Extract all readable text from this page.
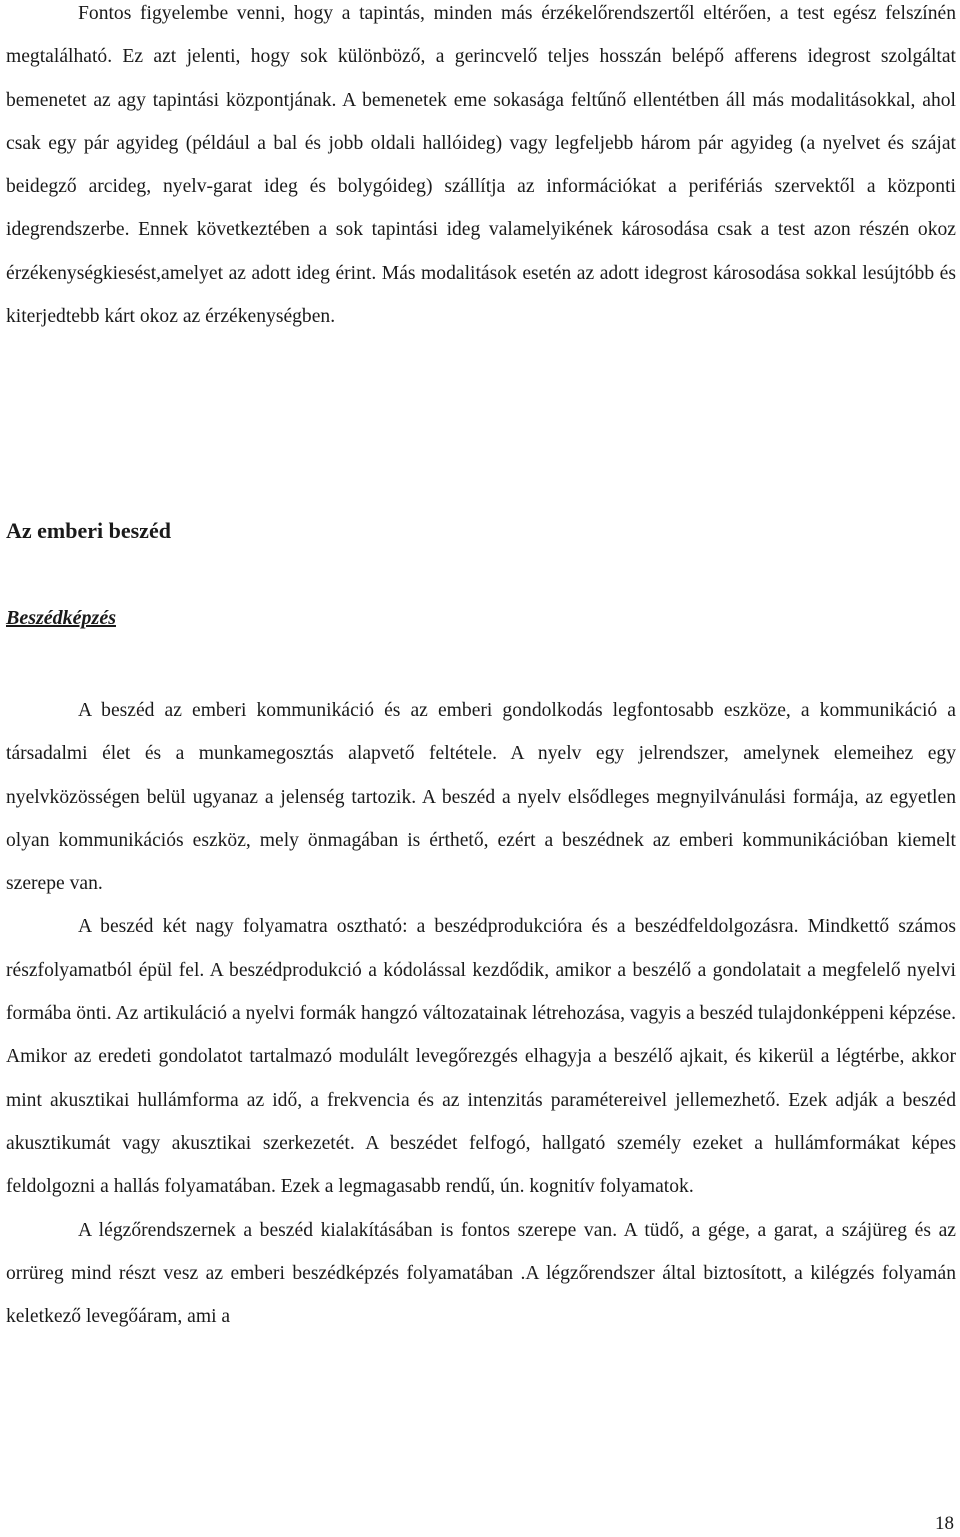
Fontos figyelembe venni, hogy a tapintás, minden más érzékelőrendszertől eltérően, a test egész felszínén megtalálható. Ez azt jelenti, hogy sok különböző, a gerincvelő teljes hosszán belépő afferens idegrost szolgáltat bemenetet az agy tapintási központjának. A bemenetek eme sokasága feltűnő ellentétben áll más modalitásokkal, ahol csak egy pár agyideg (például a bal és jobb oldali hallóideg) vagy legfeljebb három pár agyideg (a nyelvet és szájat beidegző arcideg, nyelv-garat ideg és bolygóideg) szállítja az információkat a perifériás szervektől a központi idegrendszerbe. Ennek következtében a sok tapintási ideg valamelyikének károsodása csak a test azon részén okoz érzékenységkiesést,amelyet az adott ideg érint. Más modalitások esetén az adott idegrost károsodása sokkal lesújtóbb és kiterjedtebb kárt okoz az érzékenységben.

Az emberi beszéd
Beszédképzés

A beszéd az emberi kommunikáció és az emberi gondolkodás legfontosabb eszköze, a kommunikáció a társadalmi élet és a munkamegosztás alapvető feltétele. A nyelv egy jelrendszer, amelynek elemeihez egy nyelvközösségen belül ugyanaz a jelenség tartozik. A beszéd a nyelv elsődleges megnyilvánulási formája, az egyetlen olyan kommunikációs eszköz, mely önmagában is érthető, ezért a beszédnek az emberi kommunikációban kiemelt szerepe van.

A beszéd két nagy folyamatra osztható: a beszédprodukcióra és a beszédfeldolgozásra. Mindkettő számos részfolyamatból épül fel. A beszédprodukció a kódolással kezdődik, amikor a beszélő a gondolatait a megfelelő nyelvi formába önti. Az artikuláció a nyelvi formák hangzó változatainak létrehozása, vagyis a beszéd tulajdonképpeni képzése. Amikor az eredeti gondolatot tartalmazó modulált levegőrezgés elhagyja a beszélő ajkait, és kikerül a légtérbe, akkor mint akusztikai hullámforma az idő, a frekvencia és az intenzitás paramétereivel jellemezhető. Ezek adják a beszéd akusztikumát vagy akusztikai szerkezetét. A beszédet felfogó, hallgató személy ezeket a hullámformákat képes feldolgozni a hallás folyamatában. Ezek a legmagasabb rendű, ún. kognitív folyamatok.

A légzőrendszernek a beszéd kialakításában is fontos szerepe van. A tüdő, a gége, a garat, a szájüreg és az orrüreg mind részt vesz az emberi beszédképzés folyamatában .A légzőrendszer által biztosított, a kilégzés folyamán keletkező levegőáram, ami a

18
